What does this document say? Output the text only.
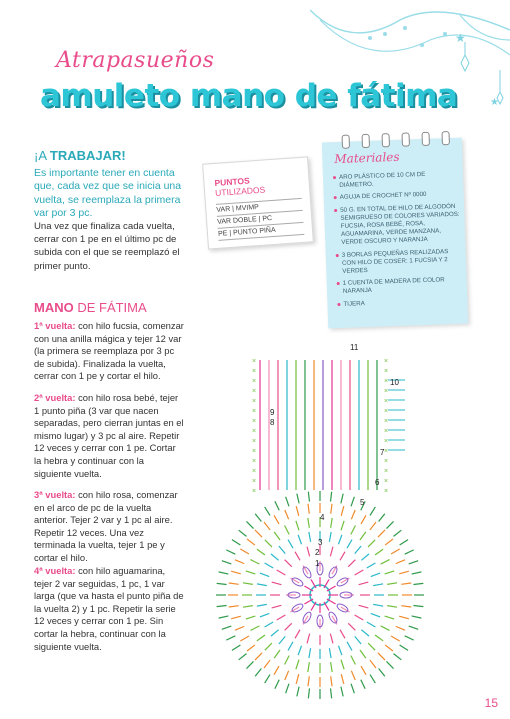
★
★
Atrapasueños
amuleto mano de fátima
¡A TRABAJAR!
Es importante tener en cuenta que, cada vez que se inicia una vuelta, se reemplaza la primera var por 3 pc.
Una vez que finaliza cada vuelta, cerrar con 1 pe en el último pc de subida con el que se reemplazó el primer punto.
PUNTOS
UTILIZADOS
VAR | MVIMP
VAR DOBLE | PC
PE | PUNTO PIÑA
Materiales
ARO PLÁSTICO DE 10 CM DE DIÁMETRO.
AGUJA DE CROCHET Nº 0000
50 G. EN TOTAL DE HILO DE ALGODÓN SEMIGRUESO DE COLORES VARIADOS: FUCSIA, ROSA BEBÉ, ROSA, AGUAMARINA, VERDE MANZANA, VERDE OSCURO Y NARANJA
3 BORLAS PEQUEÑAS REALIZADAS CON HILO DE COSER: 1 FUCSIA Y 2 VERDES
1 CUENTA DE MADERA DE COLOR NARANJA
TIJERA
MANO DE FÁTIMA
1ª vuelta: con hilo fucsia, comenzar con una anilla mágica y tejer 12 var (la primera se reemplaza por 3 pc de subida). Finalizada la vuelta, cerrar con 1 pe y cortar el hilo.
2ª vuelta: con hilo rosa bebé, tejer 1 punto piña (3 var que nacen separadas, pero cierran juntas en el mismo lugar) y 3 pc al aire. Repetir 12 veces y cerrar con 1 pe. Cortar la hebra y continuar con la siguiente vuelta.
3ª vuelta: con hilo rosa, comenzar en el arco de pc de la vuelta anterior. Tejer 2 var y 1 pc al aire. Repetir 12 veces. Una vez terminada la vuelta, tejer 1 pe y cortar el hilo.
4ª vuelta: con hilo aguamarina, tejer 2 var seguidas, 1 pc, 1 var larga (que va hasta el punto piña de la vuelta 2) y 1 pc. Repetir la serie 12 veces y cerrar con 1 pe. Sin cortar la hebra, continuar con la siguiente vuelta.
×	×
×	×
×	×
×	×
×	×
×	×
×	×
×	×
×	×
×	×
×	×
×	×
×	×
×	×
11
10
9
8
7
6
5
4
3
2
1
15
